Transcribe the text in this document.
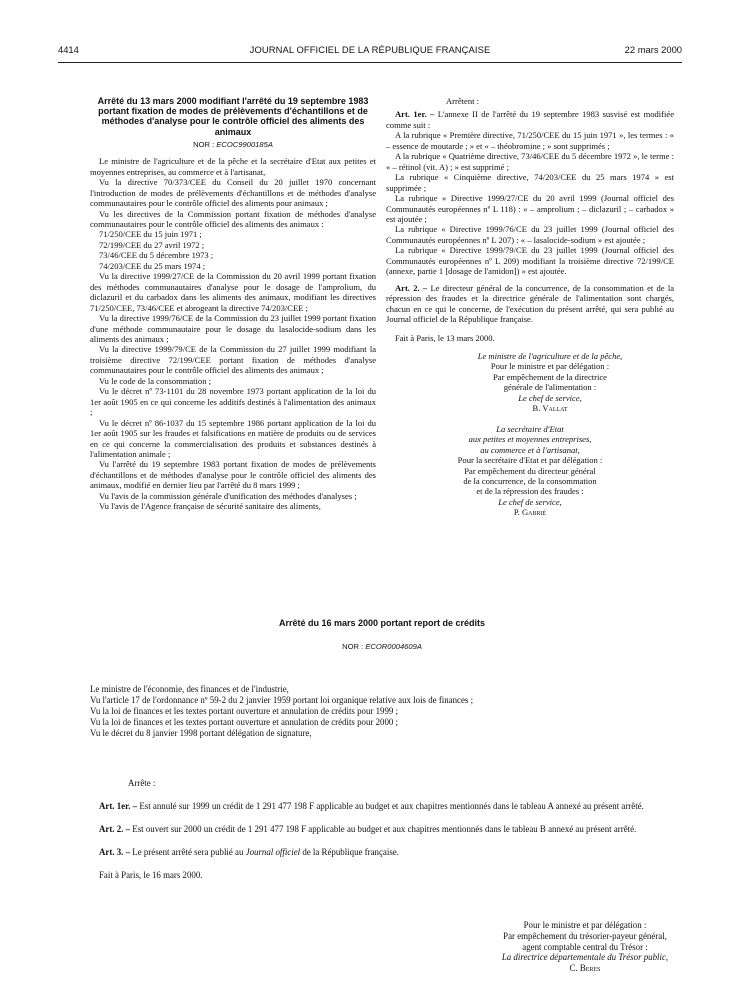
4414	JOURNAL OFFICIEL DE LA RÉPUBLIQUE FRANÇAISE	22 mars 2000

Arrêté du 13 mars 2000 modifiant l'arrêté du 19 septembre 1983 portant fixation de modes de prélèvements d'échantillons et de méthodes d'analyse pour le contrôle officiel des aliments des animaux

NOR : ECOC9900185A

Le ministre de l'agriculture et de la pêche et la secrétaire d'Etat aux petites et moyennes entreprises, au commerce et à l'artisanat,

Vu la directive 70/373/CEE du Conseil du 20 juillet 1970 concernant l'introduction de modes de prélèvements d'échantillons et de méthodes d'analyse communautaires pour le contrôle officiel des aliments pour animaux ;

Vu les directives de la Commission portant fixation de méthodes d'analyse communautaires pour le contrôle officiel des aliments des animaux :

71/250/CEE du 15 juin 1971 ;

72/199/CEE du 27 avril 1972 ;

73/46/CEE du 5 décembre 1973 ;

74/203/CEE du 25 mars 1974 ;

Vu la directive 1999/27/CE de la Commission du 20 avril 1999 portant fixation des méthodes communautaires d'analyse pour le dosage de l'amprolium, du diclazuril et du carbadox dans les aliments des animaux, modifiant les directives 71/250/CEE, 73/46/CEE et abrogeant la directive 74/203/CEE ;

Vu la directive 1999/76/CE de la Commission du 23 juillet 1999 portant fixation d'une méthode communautaire pour le dosage du lasalocide-sodium dans les aliments des animaux ;

Vu la directive 1999/79/CE de la Commission du 27 juillet 1999 modifiant la troisième directive 72/199/CEE portant fixation de méthodes d'analyse communautaires pour le contrôle officiel des aliments des animaux ;

Vu le code de la consommation ;

Vu le décret nº 73-1101 du 28 novembre 1973 portant application de la loi du 1er août 1905 en ce qui concerne les additifs destinés à l'alimentation des animaux ;

Vu le décret nº 86-1037 du 15 septembre 1986 portant application de la loi du 1er août 1905 sur les fraudes et falsifications en matière de produits ou de services en ce qui concerne la commercialisation des produits et substances destinés à l'alimentation animale ;

Vu l'arrêté du 19 septembre 1983 portant fixation de modes de prélèvements d'échantillons et de méthodes d'analyse pour le contrôle officiel des aliments des animaux, modifié en dernier lieu par l'arrêté du 8 mars 1999 ;

Vu l'avis de la commission générale d'unification des méthodes d'analyses ;

Vu l'avis de l'Agence française de sécurité sanitaire des aliments,

Arrêtent :

Art. 1er. – L'annexe II de l'arrêté du 19 septembre 1983 susvisé est modifiée comme suit :

A la rubrique « Première directive, 71/250/CEE du 15 juin 1971 », les termes : « – essence de moutarde ; » et « – théobromine ; » sont supprimés ;

A la rubrique « Quatrième directive, 73/46/CEE du 5 décembre 1972 », le terme : « – rétinol (vit. A) ; » est supprimé ;

La rubrique « Cinquième directive, 74/203/CEE du 25 mars 1974 » est supprimée ;

La rubrique « Directive 1999/27/CE du 20 avril 1999 (Journal officiel des Communautés européennes nº L 118) : « – amprolium ; – diclazuril ; – carbadox » est ajoutée ;

La rubrique « Directive 1999/76/CE du 23 juillet 1999 (Journal officiel des Communautés européennes nº L 207) : « – lasalocide-sodium » est ajoutée ;

La rubrique « Directive 1999/79/CE du 23 juillet 1999 (Journal officiel des Communautés européennes nº L 209) modifiant la troisième directive 72/199/CE (annexe, partie 1 [dosage de l'amidon]) » est ajoutée.

Art. 2. – Le directeur général de la concurrence, de la consommation et de la répression des fraudes et la directrice générale de l'alimentation sont chargés, chacun en ce qui le concerne, de l'exécution du présent arrêté, qui sera publié au Journal officiel de la République française.

Fait à Paris, le 13 mars 2000.

Le ministre de l'agriculture et de la pêche,

Pour le ministre et par délégation :

Par empêchement de la directrice

générale de l'alimentation :

Le chef de service,

B. Vallat

La secrétaire d'Etat

aux petites et moyennes entreprises,

au commerce et à l'artisanat,

Pour la secrétaire d'Etat et par délégation :

Par empêchement du directeur général

de la concurrence, de la consommation

et de la répression des fraudes :

Le chef de service,

P. Gabrié

Arrêté du 16 mars 2000 portant report de crédits

NOR : ECOR0004609A

Le ministre de l'économie, des finances et de l'industrie,

Vu l'article 17 de l'ordonnance nº 59-2 du 2 janvier 1959 portant loi organique relative aux lois de finances ;

Vu la loi de finances et les textes portant ouverture et annulation de crédits pour 1999 ;

Vu la loi de finances et les textes portant ouverture et annulation de crédits pour 2000 ;

Vu le décret du 8 janvier 1998 portant délégation de signature,

Arrête :

Art. 1er. – Est annulé sur 1999 un crédit de 1 291 477 198 F applicable au budget et aux chapitres mentionnés dans le tableau A annexé au présent arrêté.

Art. 2. – Est ouvert sur 2000 un crédit de 1 291 477 198 F applicable au budget et aux chapitres mentionnés dans le tableau B annexé au présent arrêté.

Art. 3. – Le présent arrêté sera publié au Journal officiel de la République française.

Fait à Paris, le 16 mars 2000.

Pour le ministre et par délégation :

Par empêchement du trésorier-payeur général,

agent comptable central du Trésor :

La directrice départementale du Trésor public,

C. Beres
